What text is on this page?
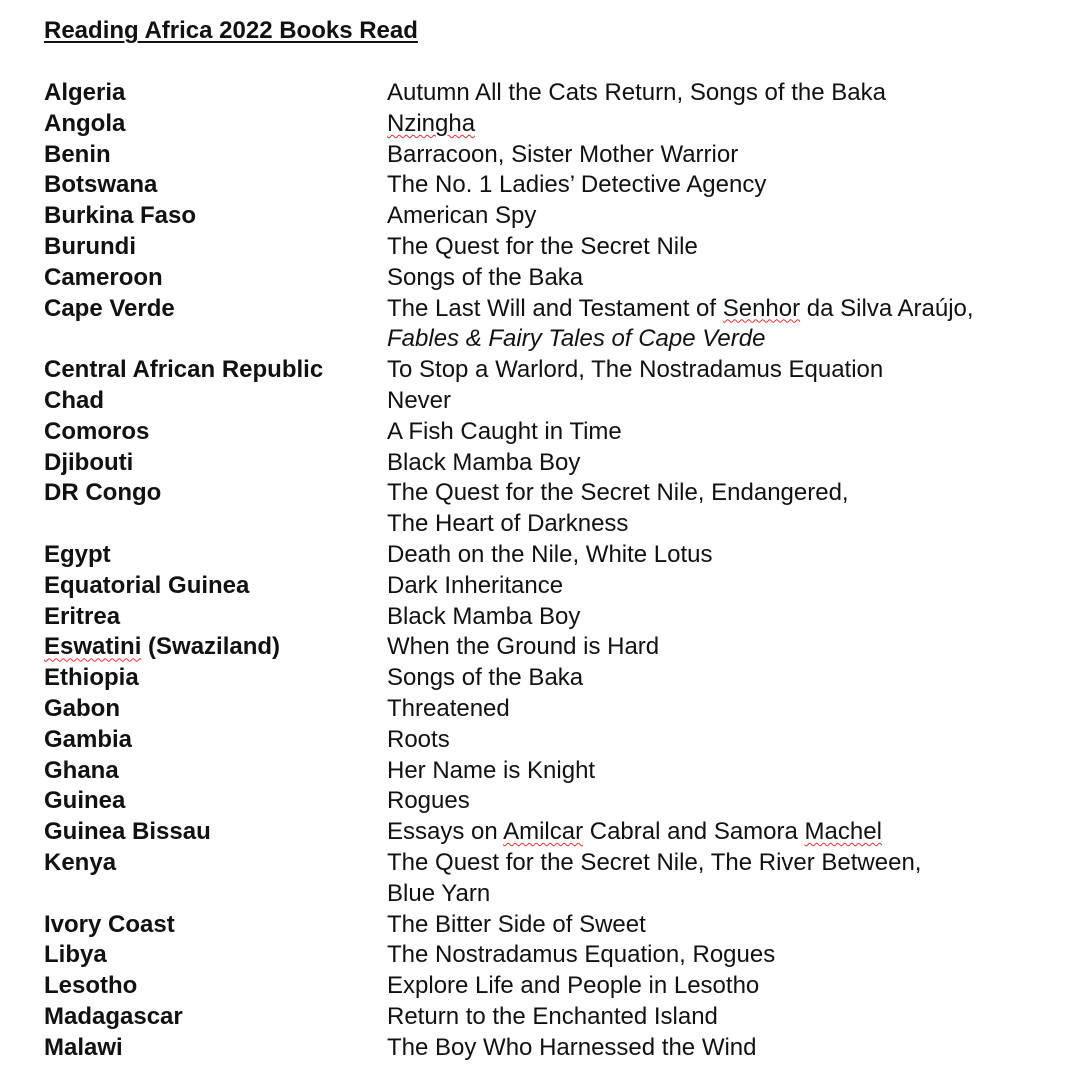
Reading Africa 2022 Books Read
Algeria	Autumn All the Cats Return, Songs of the Baka
Angola	Nzingha
Benin	Barracoon, Sister Mother Warrior
Botswana	The No. 1 Ladies’ Detective Agency
Burkina Faso	American Spy
Burundi	The Quest for the Secret Nile
Cameroon	Songs of the Baka
Cape Verde	The Last Will and Testament of Senhor da Silva Araújo,
Fables & Fairy Tales of Cape Verde
Central African Republic	To Stop a Warlord, The Nostradamus Equation
Chad	Never
Comoros	A Fish Caught in Time
Djibouti	Black Mamba Boy
DR Congo	The Quest for the Secret Nile, Endangered,
The Heart of Darkness
Egypt	Death on the Nile, White Lotus
Equatorial Guinea	Dark Inheritance
Eritrea	Black Mamba Boy
Eswatini (Swaziland)	When the Ground is Hard
Ethiopia	Songs of the Baka
Gabon	Threatened
Gambia	Roots
Ghana	Her Name is Knight
Guinea	Rogues
Guinea Bissau	Essays on Amilcar Cabral and Samora Machel
Kenya	The Quest for the Secret Nile, The River Between,
Blue Yarn
Ivory Coast	The Bitter Side of Sweet
Libya	The Nostradamus Equation, Rogues
Lesotho	Explore Life and People in Lesotho
Madagascar	Return to the Enchanted Island
Malawi	The Boy Who Harnessed the Wind
